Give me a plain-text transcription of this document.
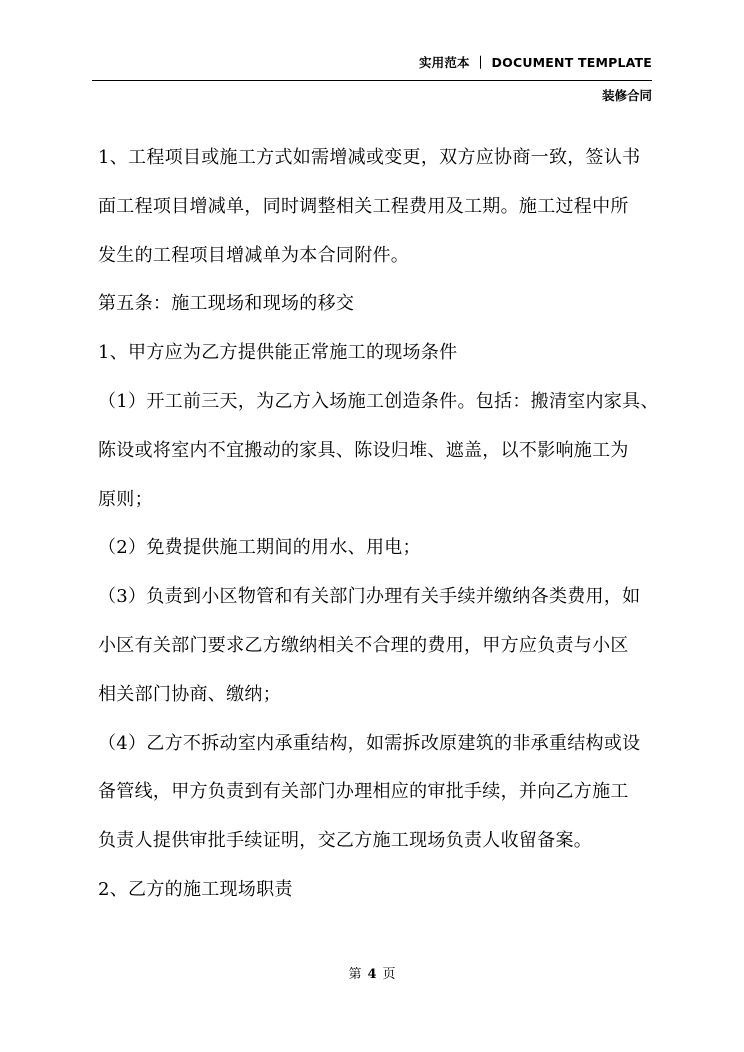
实用范本 ｜ DOCUMENT TEMPLATE
装修合同
1、工程项目或施工方式如需增减或变更，双方应协商一致，签认书
面工程项目增减单，同时调整相关工程费用及工期。施工过程中所
发生的工程项目增减单为本合同附件。
第五条：施工现场和现场的移交
1、甲方应为乙方提供能正常施工的现场条件
（1）开工前三天，为乙方入场施工创造条件。包括：搬清室内家具、
陈设或将室内不宜搬动的家具、陈设归堆、遮盖，以不影响施工为
原则；
（2）免费提供施工期间的用水、用电；
（3）负责到小区物管和有关部门办理有关手续并缴纳各类费用，如
小区有关部门要求乙方缴纳相关不合理的费用，甲方应负责与小区
相关部门协商、缴纳；
（4）乙方不拆动室内承重结构，如需拆改原建筑的非承重结构或设
备管线，甲方负责到有关部门办理相应的审批手续，并向乙方施工
负责人提供审批手续证明，交乙方施工现场负责人收留备案。
2、乙方的施工现场职责
第 4 页
